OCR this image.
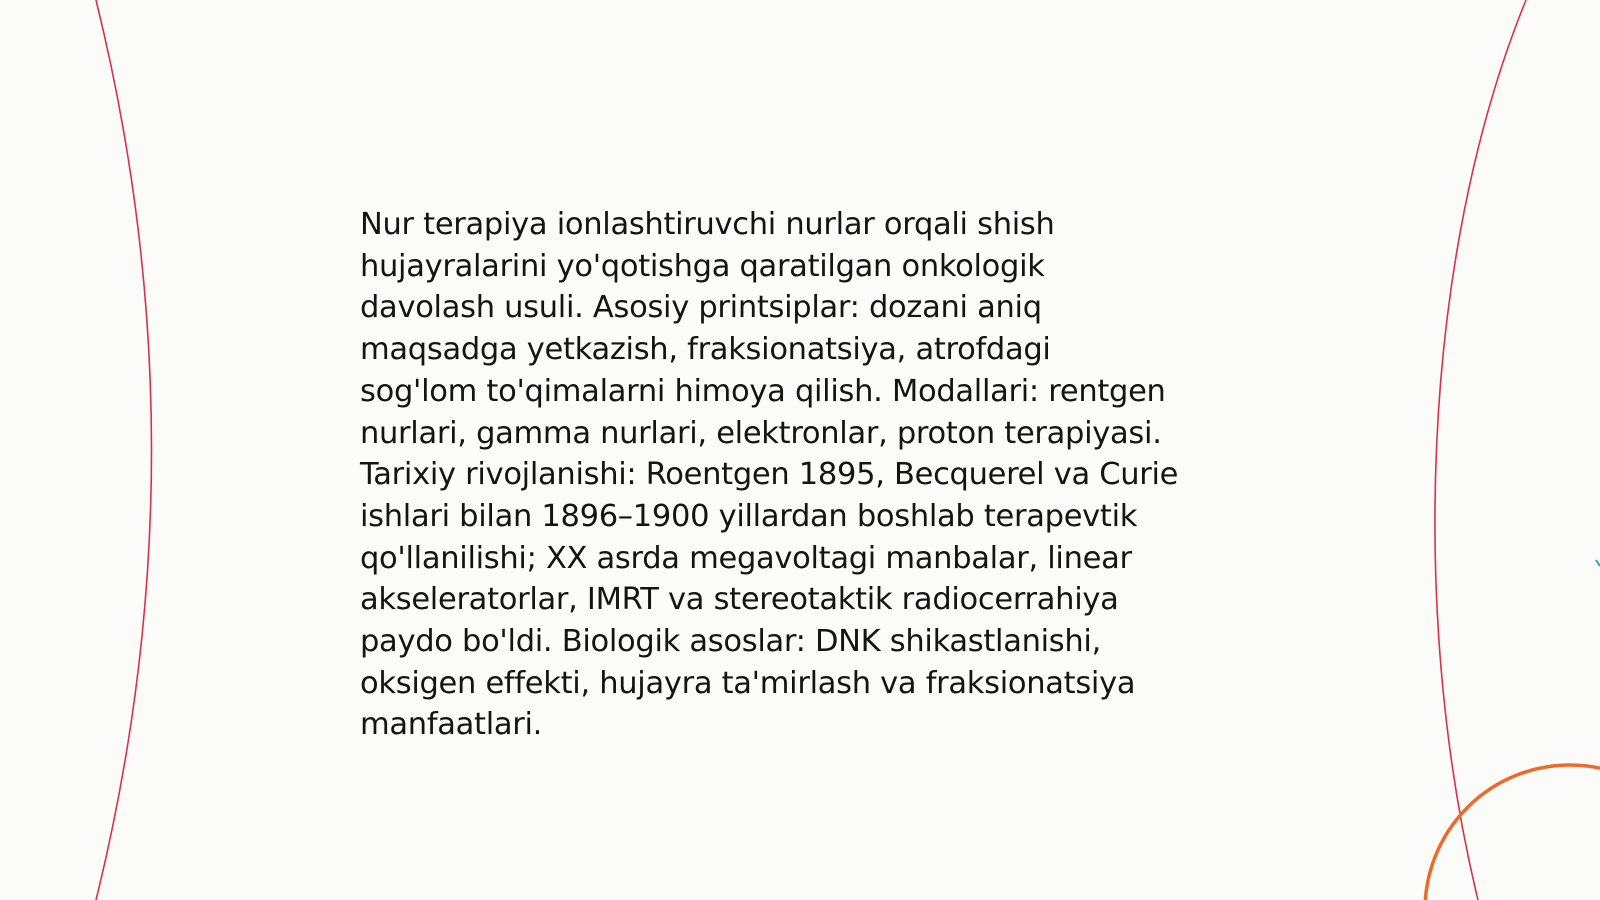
Nur terapiya ionlashtiruvchi nurlar orqali shish
hujayralarini yo'qotishga qaratilgan onkologik
davolash usuli. Asosiy printsiplar: dozani aniq
maqsadga yetkazish, fraksionatsiya, atrofdagi
sog'lom to'qimalarni himoya qilish. Modallari: rentgen
nurlari, gamma nurlari, elektronlar, proton terapiyasi.
Tarixiy rivojlanishi: Roentgen 1895, Becquerel va Curie
ishlari bilan 1896–1900 yillardan boshlab terapevtik
qo'llanilishi; XX asrda megavoltagi manbalar, linear
akseleratorlar, IMRT va stereotaktik radiocerrahiya
paydo bo'ldi. Biologik asoslar: DNK shikastlanishi,
oksigen effekti, hujayra ta'mirlash va fraksionatsiya
manfaatlari.
